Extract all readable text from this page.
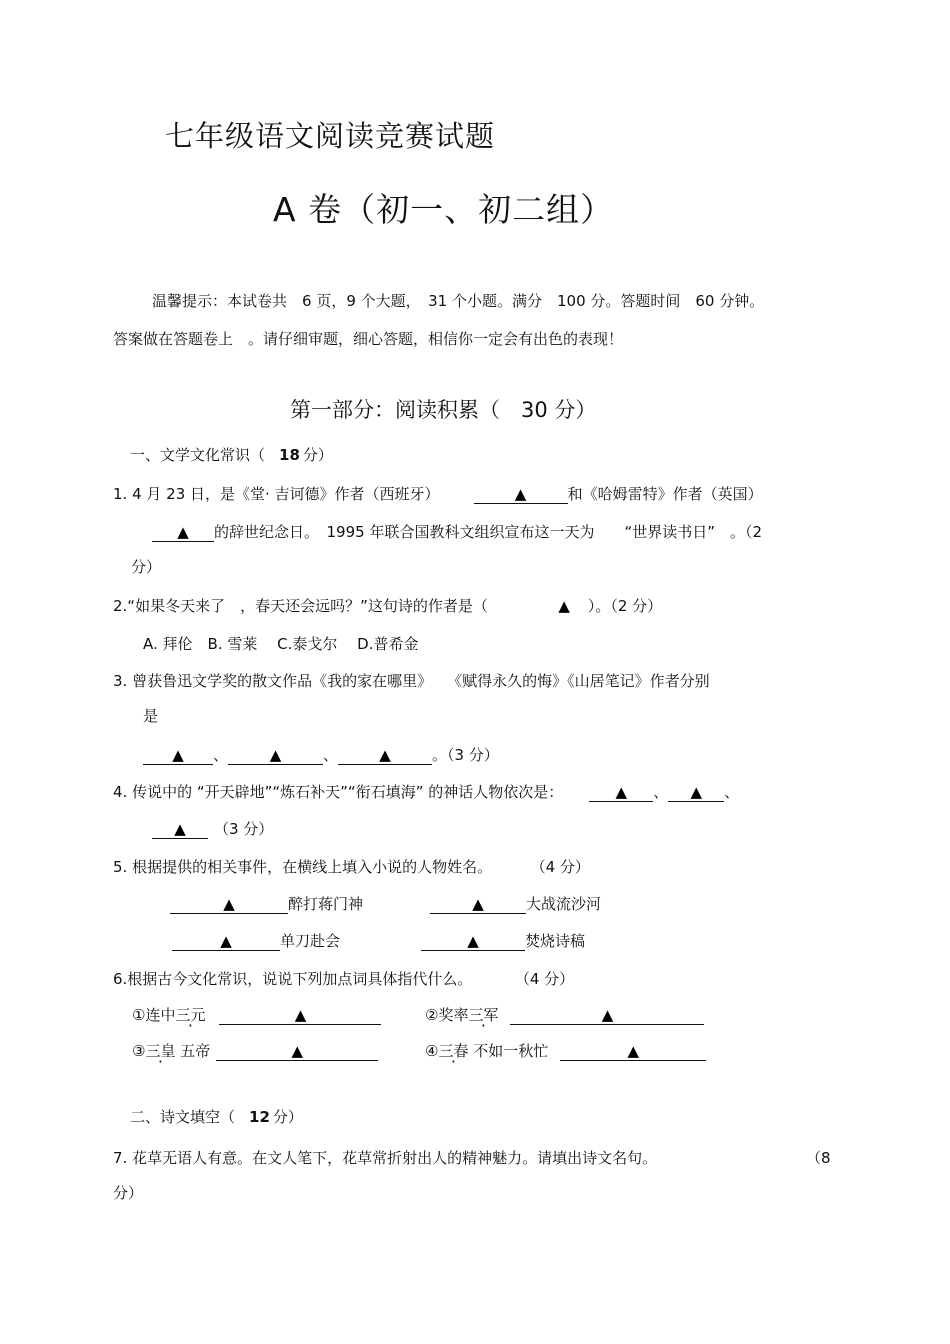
七年级语文阅读竞赛试题
A 卷（初一、初二组）
温馨提示：本试卷共　6 页，9 个大题，　31 个小题。满分　100 分。答题时间　60 分钟。
答案做在答题卷上　。请仔细审题，细心答题，相信你一定会有出色的表现！
第一部分：阅读积累（　30 分）
一、文学文化常识（ 18 分）
1. 4 月 23 日，是《堂· 吉诃德》作者（西班牙）	▲	和《哈姆雷特》作者（英国）
▲ 的辞世纪念日。　1995 年联合国教科文组织宣布这一天为　　“世界读书日”　。（2
分）
2.“如果冬天来了　，春天还会远吗？”这句诗的作者是（	▲ ）。（2 分）
A. 拜伦　B. 雪莱　 C.泰戈尔　 D.普希金
3. 曾获鲁迅文学奖的散文作品《我的家在哪里》　　《赋得永久的悔》《山居笔记》作者分别
是
▲ 、	▲	、	▲	。（3 分）
4. 传说中的 “开天辟地”“炼石补天”“衔石填海” 的神话人物依次是：	▲ 、 ▲ 、
▲ （3 分）
5. 根据提供的相关事件，在横线上填入小说的人物姓名。	（4 分）
▲	醉打蒋门神	▲	大战流沙河
▲	单刀赴会	▲	焚烧诗稿
6.根据古今文化常识，说说下列加点词具体指代什么。	（4 分）
①连中三元	▲	②奖率三军	▲
③三皇 五帝	▲	④三春 不如一秋忙	▲
二、诗文填空（ 12 分）
7. 花草无语人有意。在文人笔下，花草常折射出人的精神魅力。请填出诗文名句。	（8
分）
